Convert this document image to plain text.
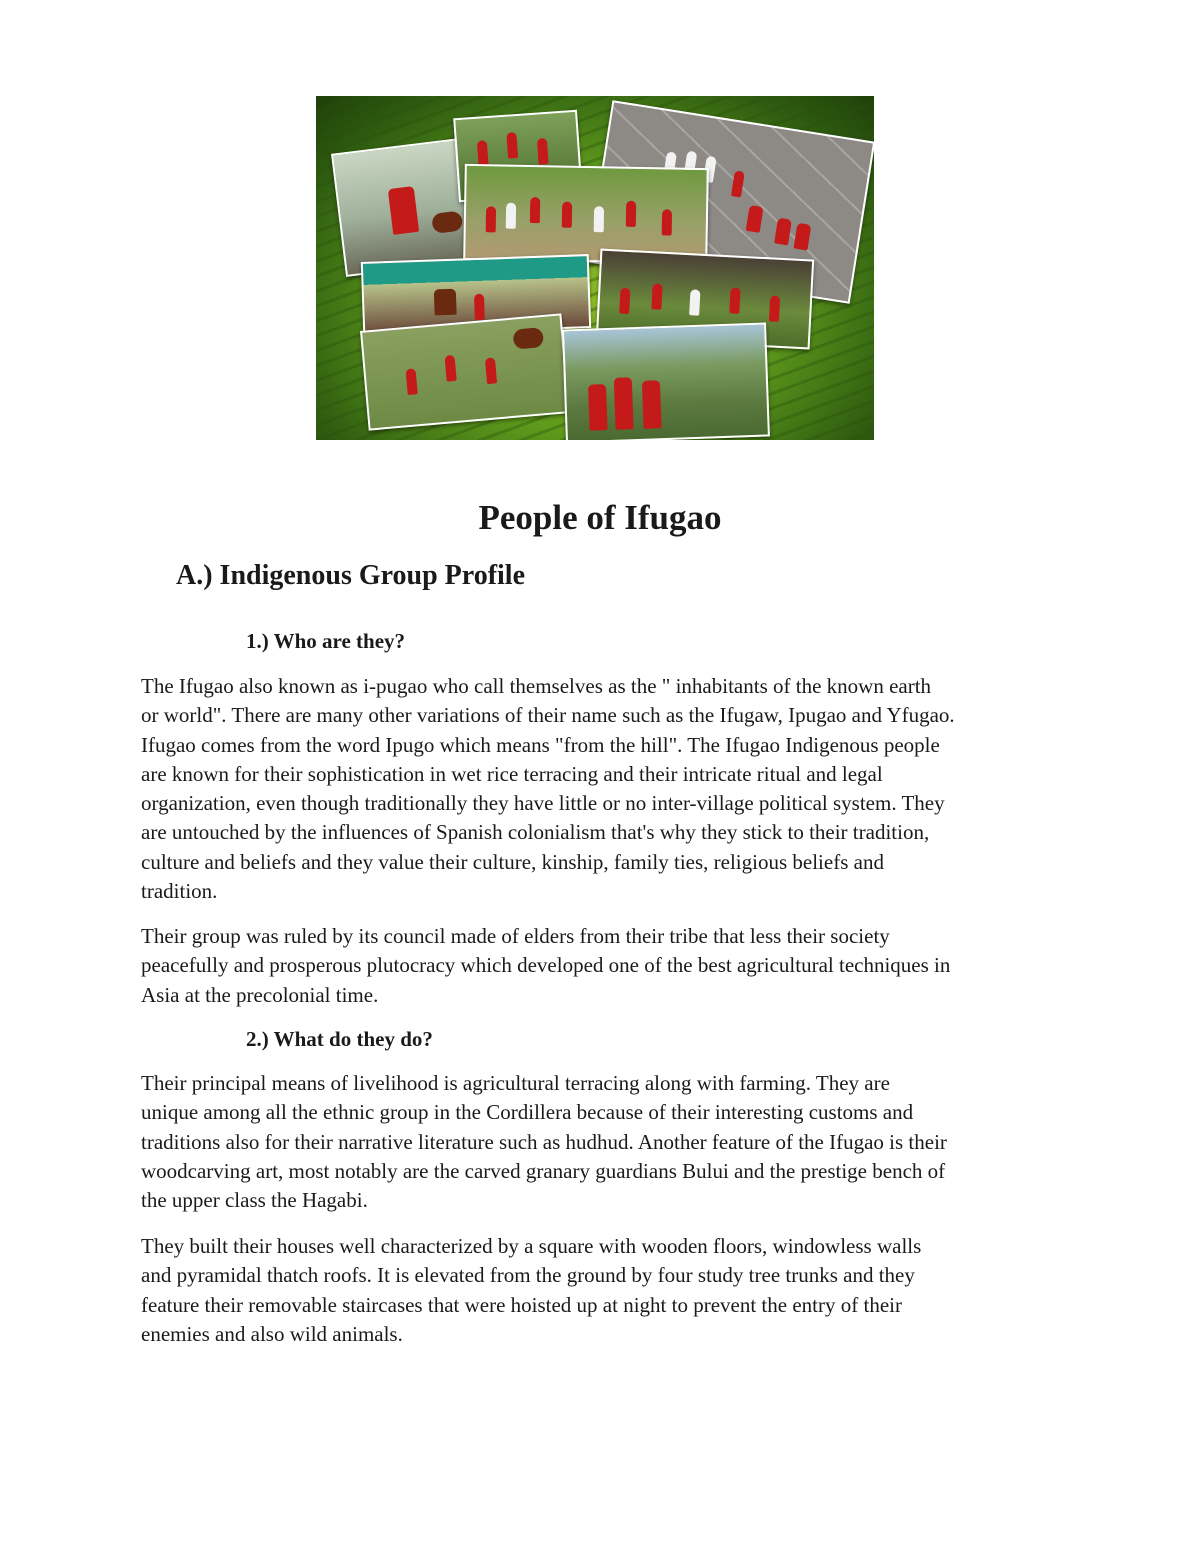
People of Ifugao
A.) Indigenous Group Profile
1.) Who are they?

The Ifugao also known as i-pugao who call themselves as the " inhabitants of the known earth
or world". There are many other variations of their name such as the Ifugaw, Ipugao and Yfugao.
Ifugao comes from the word Ipugo which means "from the hill". The Ifugao Indigenous people
are known for their sophistication in wet rice terracing and their intricate ritual and legal
organization, even though traditionally they have little or no inter-village political system. They
are untouched by the influences of Spanish colonialism that's why they stick to their tradition,
culture and beliefs and they value their culture, kinship, family ties, religious beliefs and
tradition.

Their group was ruled by its council made of elders from their tribe that less their society
peacefully and prosperous plutocracy which developed one of the best agricultural techniques in
Asia at the precolonial time.

2.) What do they do?

Their principal means of livelihood is agricultural terracing along with farming. They are
unique among all the ethnic group in the Cordillera because of their interesting customs and
traditions also for their narrative literature such as hudhud. Another feature of the Ifugao is their
woodcarving art, most notably are the carved granary guardians Bului and the prestige bench of
the upper class the Hagabi.

They built their houses well characterized by a square with wooden floors, windowless walls
and pyramidal thatch roofs. It is elevated from the ground by four study tree trunks and they
feature their removable staircases that were hoisted up at night to prevent the entry of their
enemies and also wild animals.
